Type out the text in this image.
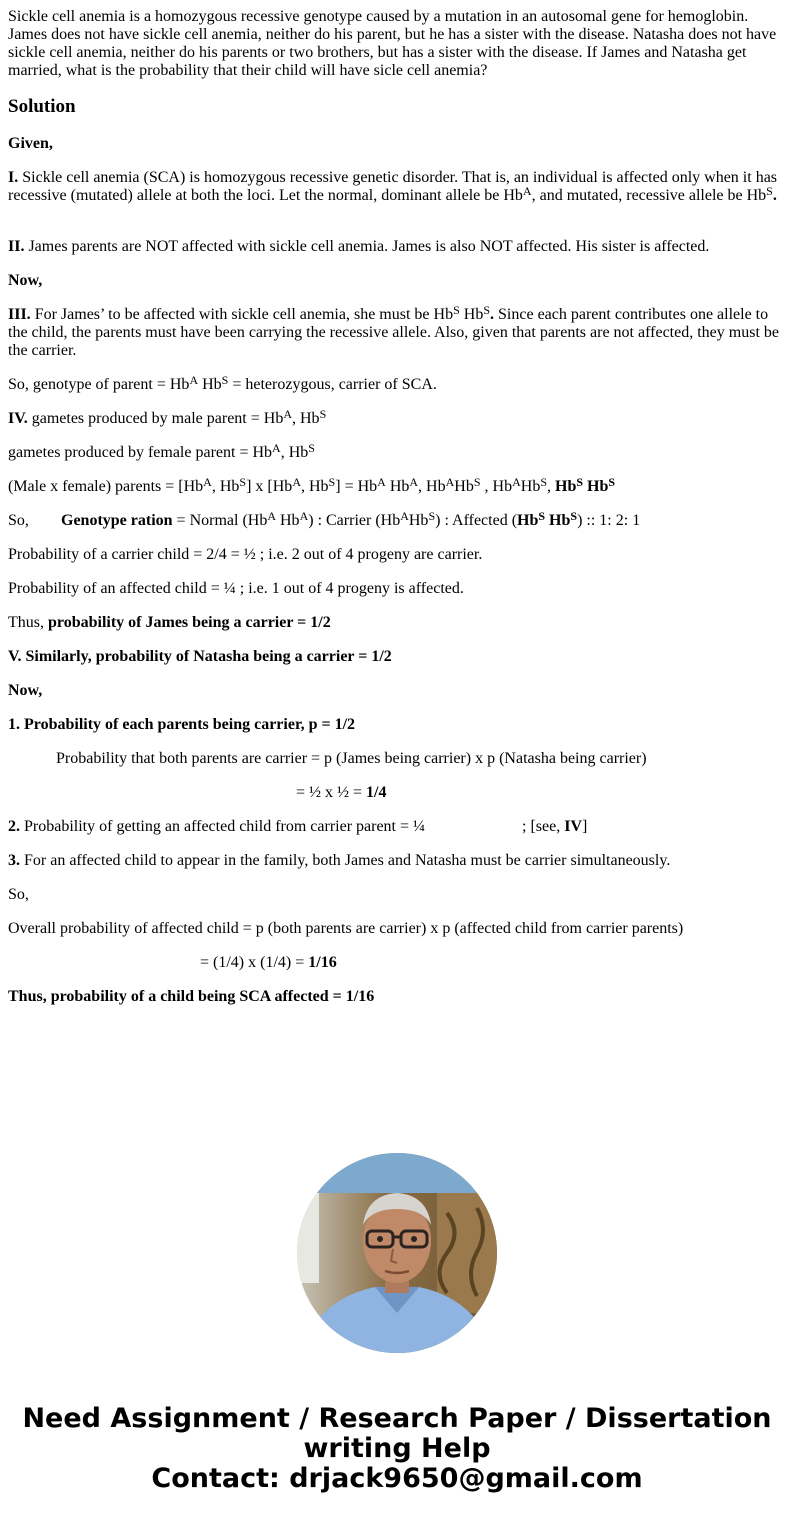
Sickle cell anemia is a homozygous recessive genotype caused by a mutation in an autosomal gene for hemoglobin. James does not have sickle cell anemia, neither do his parent, but he has a sister with the disease. Natasha does not have sickle cell anemia, neither do his parents or two brothers, but has a sister with the disease. If James and Natasha get married, what is the probability that their child will have sicle cell anemia?

Solution

Given,

I. Sickle cell anemia (SCA) is homozygous recessive genetic disorder. That is, an individual is affected only when it has recessive (mutated) allele at both the loci. Let the normal, dominant allele be $Hb^A$, and mutated, recessive allele be $Hb^S$.

II. James parents are NOT affected with sickle cell anemia. James is also NOT affected. His sister is affected.

Now,

III. For James’ to be affected with sickle cell anemia, she must be $Hb^S$ $Hb^S$. Since each parent contributes one allele to the child, the parents must have been carrying the recessive allele. Also, given that parents are not affected, they must be the carrier.

So, genotype of parent = $Hb^A$ $Hb^S$ = heterozygous, carrier of SCA.

IV. gametes produced by male parent = $Hb^A$, $Hb^S$

gametes produced by female parent = $Hb^A$, $Hb^S$

(Male x female) parents = [$Hb^A$, $Hb^S$] x [$Hb^A$, $Hb^S] = Hb^A$ $Hb^A$, $Hb^AHb^S$ , $Hb^AHb^S$, $Hb^S$ $Hb^S$

So, Genotype ration = Normal ($Hb^A$ $Hb^A$) : Carrier $(Hb^AHb^S)$ : Affected ($Hb^S$ $Hb^S$) :: 1: 2: 1

Probability of a carrier child = 2/4 = ½ ; i.e. 2 out of 4 progeny are carrier.

Probability of an affected child = ¼ ; i.e. 1 out of 4 progeny is affected.

Thus, probability of James being a carrier = 1/2

V. Similarly, probability of Natasha being a carrier = 1/2

Now,

1. Probability of each parents being carrier, p = 1/2

Probability that both parents are carrier = p (James being carrier) x p (Natasha being carrier)

= ½ x ½ = 1/4

2. Probability of getting an affected child from carrier parent = ¼	; [see, IV]

3. For an affected child to appear in the family, both James and Natasha must be carrier simultaneously.

So,

Overall probability of affected child = p (both parents are carrier) x p (affected child from carrier parents)

= (1/4) x (1/4) = 1/16

Thus, probability of a child being SCA affected = 1/16

Need Assignment / Research Paper / Dissertation
writing Help
Contact: drjack9650@gmail.com
